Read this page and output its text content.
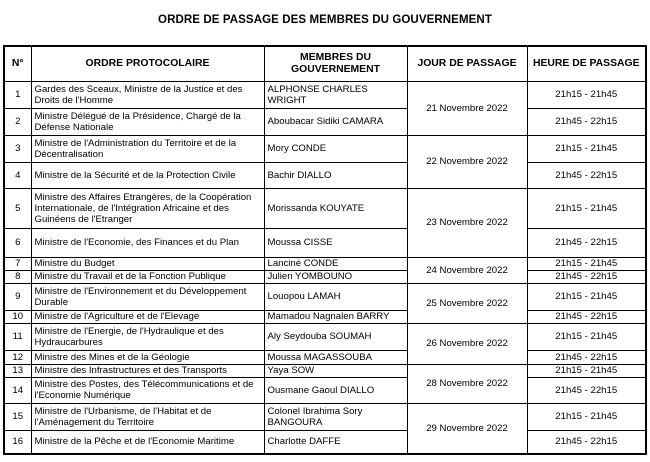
ORDRE DE PASSAGE DES MEMBRES DU GOUVERNEMENT
N°	ORDRE PROTOCOLAIRE	MEMBRES DU GOUVERNEMENT	JOUR DE PASSAGE	HEURE DE PASSAGE
1	Gardes des Sceaux, Ministre de la Justice et des Droits de l'Homme	ALPHONSE CHARLES WRIGHT	21 Novembre 2022	21h15 - 21h45
2	Ministre Délégué de la Présidence, Chargé de la Défense Nationale	Aboubacar Sidiki CAMARA		21h45 - 22h15
3	Ministre de l'Administration du Territoire et de la Décentralisation	Mory CONDE	22 Novembre 2022	21h15 - 21h45
4	Ministre de la Sécurité et de la Protection Civile	Bachir DIALLO		21h45 - 22h15
5	Ministre des Affaires Etrangères, de la Coopération Internationale, de l'Intégration Africaine et des Guinéens de l'Etranger	Morissanda KOUYATE	23 Novembre 2022	21h15 - 21h45
6	Ministre de l'Economie, des Finances et du Plan	Moussa CISSE		21h45 - 22h15
7	Ministre du Budget	Lanciné CONDE	24 Novembre 2022	21h15 - 21h45
8	Ministre du Travail et de la Fonction Publique	Julien YOMBOUNO		21h45 - 22h15
9	Ministre de l'Environnement et du Développement Durable	Louopou LAMAH	25 Novembre 2022	21h15 - 21h45
10	Ministre de l'Agriculture et de l'Elevage	Mamadou Nagnalen BARRY		21h45 - 22h15
11	Ministre de l'Energie, de l'Hydraulique et des Hydraucarbures	Aly Seydouba SOUMAH	26 Novembre 2022	21h15 - 21h45
12	Ministre des Mines et de la Géologie	Moussa MAGASSOUBA		21h45 - 22h15
13	Ministre des Infrastructures et des Transports	Yaya SOW	28 Novembre 2022	21h15 - 21h45
14	Ministre des Postes, des Télécommunications et de l'Economie Numérique	Ousmane Gaoul DIALLO		21h45 - 22h15
15	Ministre de l'Urbanisme, de l'Habitat et de l'Aménagement du Territoire	Colonel Ibrahima Sory BANGOURA	29 Novembre 2022	21h15 - 21h45
16	Ministre de la Pêche et de l'Economie Maritime	Charlotte DAFFE		21h45 - 22h15
